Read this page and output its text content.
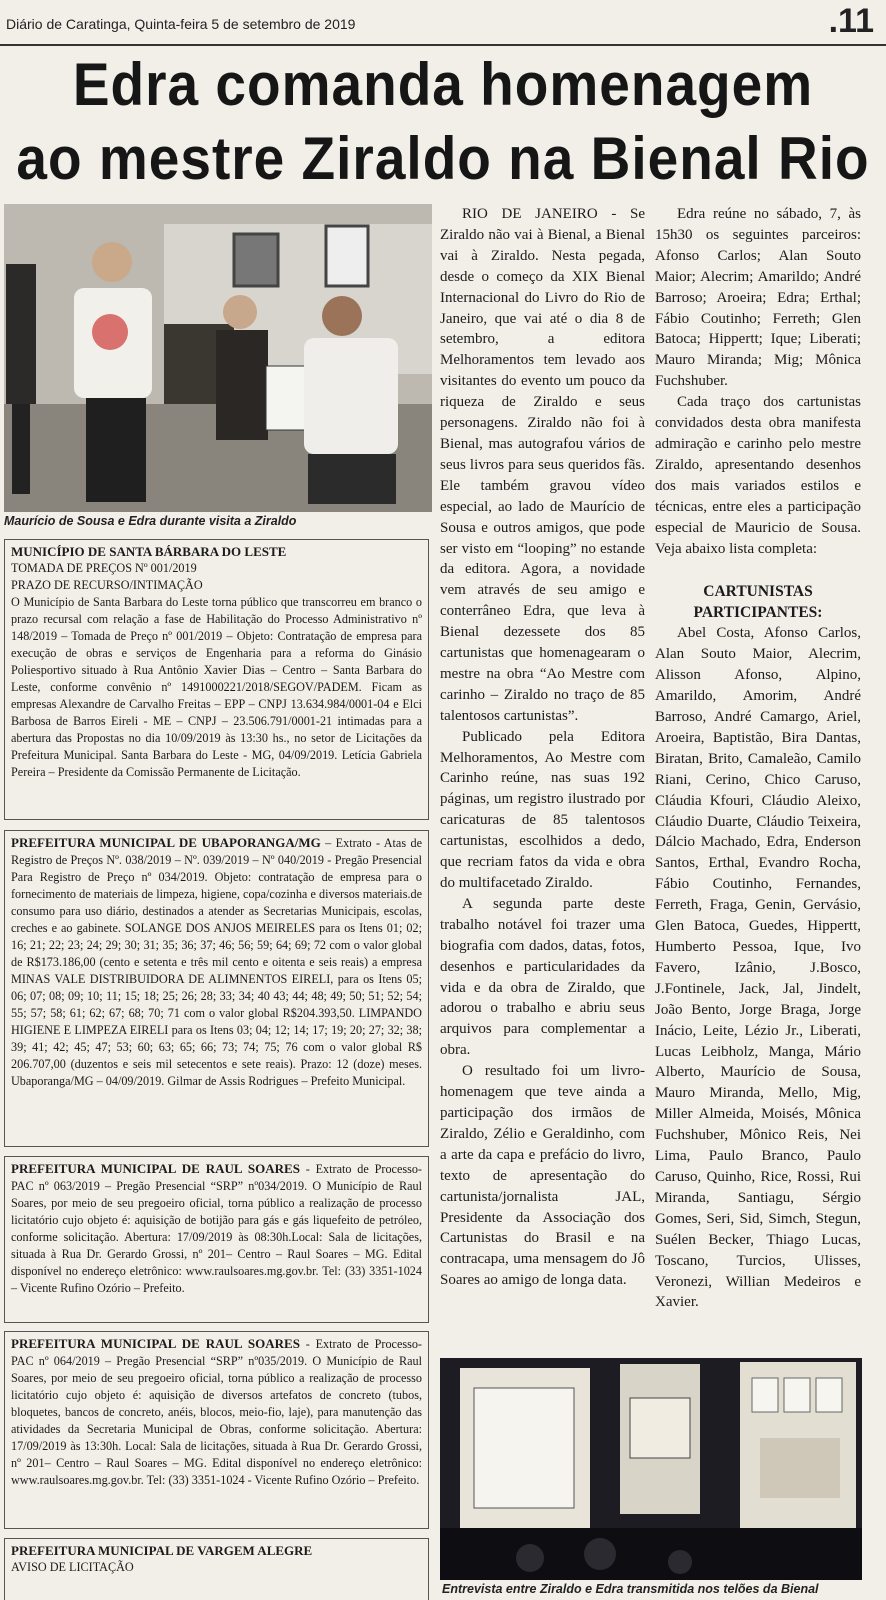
Diário de Caratinga, Quinta-feira 5 de setembro de 2019	.11
Edra comanda homenagem
ao mestre Ziraldo na Bienal Rio
Maurício de Sousa e Edra durante visita a Ziraldo

MUNICÍPIO DE SANTA BÁRBARA DO LESTE

TOMADA DE PREÇOS Nº 001/2019

PRAZO DE RECURSO/INTIMAÇÃO

O Município de Santa Barbara do Leste torna público que transcorreu em branco o prazo recursal com relação a fase de Habilitação do Processo Administrativo nº 148/2019 – Tomada de Preço nº 001/2019 – Objeto: Contratação de empresa para execução de obras e serviços de Engenharia para a reforma do Ginásio Poliesportivo situado à Rua Antônio Xavier Dias – Centro – Santa Barbara do Leste, conforme convênio nº 1491000221/2018/SEGOV/PADEM. Ficam as empresas Alexandre de Carvalho Freitas – EPP – CNPJ 13.634.984/0001-04 e Elci Barbosa de Barros Eireli - ME – CNPJ – 23.506.791/0001-21 intimadas para a abertura das Propostas no dia 10/09/2019 às 13:30 hs., no setor de Licitações da Prefeitura Municipal. Santa Barbara do Leste - MG, 04/09/2019. Letícia Gabriela Pereira – Presidente da Comissão Permanente de Licitação.

PREFEITURA MUNICIPAL DE UBAPORANGA/MG – Extrato - Atas de Registro de Preços Nº. 038/2019 – Nº. 039/2019 – Nº 040/2019 - Pregão Presencial Para Registro de Preço nº 034/2019. Objeto: contratação de empresa para o fornecimento de materiais de limpeza, higiene, copa/cozinha e diversos materiais.de consumo para uso diário, destinados a atender as Secretarias Municipais, escolas, creches e ao gabinete. SOLANGE DOS ANJOS MEIRELES para os Itens 01; 02; 16; 21; 22; 23; 24; 29; 30; 31; 35; 36; 37; 46; 56; 59; 64; 69; 72 com o valor global de R$173.186,00 (cento e setenta e três mil cento e oitenta e seis reais) a empresa MINAS VALE DISTRIBUIDORA DE ALIMNENTOS EIRELI, para os Itens 05; 06; 07; 08; 09; 10; 11; 15; 18; 25; 26; 28; 33; 34; 40 43; 44; 48; 49; 50; 51; 52; 54; 55; 57; 58; 61; 62; 67; 68; 70; 71 com o valor global R$204.393,50. LIMPANDO HIGIENE E LIMPEZA EIRELI para os Itens 03; 04; 12; 14; 17; 19; 20; 27; 32; 38; 39; 41; 42; 45; 47; 53; 60; 63; 65; 66; 73; 74; 75; 76 com o valor global R$ 206.707,00 (duzentos e seis mil setecentos e sete reais). Prazo: 12 (doze) meses. Ubaporanga/MG – 04/09/2019. Gilmar de Assis Rodrigues – Prefeito Municipal.

PREFEITURA MUNICIPAL DE RAUL SOARES - Extrato de Processo-PAC nº 063/2019 – Pregão Presencial “SRP” nº034/2019. O Município de Raul Soares, por meio de seu pregoeiro oficial, torna público a realização de processo licitatório cujo objeto é: aquisição de botijão para gás e gás liquefeito de petróleo, conforme solicitação. Abertura: 17/09/2019 às 08:30h.Local: Sala de licitações, situada à Rua Dr. Gerardo Grossi, nº 201– Centro – Raul Soares – MG. Edital disponível no endereço eletrônico: www.raulsoares.mg.gov.br. Tel: (33) 3351-1024 – Vicente Rufino Ozório – Prefeito.

PREFEITURA MUNICIPAL DE RAUL SOARES - Extrato de Processo-PAC nº 064/2019 – Pregão Presencial “SRP” nº035/2019. O Município de Raul Soares, por meio de seu pregoeiro oficial, torna público a realização de processo licitatório cujo objeto é: aquisição de diversos artefatos de concreto (tubos, bloquetes, bancos de concreto, anéis, blocos, meio-fio, laje), para manutenção das atividades da Secretaria Municipal de Obras, conforme solicitação. Abertura: 17/09/2019 às 13:30h. Local: Sala de licitações, situada à Rua Dr. Gerardo Grossi, nº 201– Centro – Raul Soares – MG. Edital disponível no endereço eletrônico: www.raulsoares.mg.gov.br. Tel: (33) 3351-1024 - Vicente Rufino Ozório – Prefeito.

PREFEITURA MUNICIPAL DE VARGEM ALEGRE

AVISO DE LICITAÇÃO

RIO DE JANEIRO - Se Ziraldo não vai à Bienal, a Bienal vai à Ziraldo. Nesta pegada, desde o começo da XIX Bienal Internacional do Livro do Rio de Janeiro, que vai até o dia 8 de setembro, a editora Melhoramentos tem levado aos visitantes do evento um pouco da riqueza de Ziraldo e seus personagens. Ziraldo não foi à Bienal, mas autografou vários de seus livros para seus queridos fãs. Ele também gravou vídeo especial, ao lado de Maurício de Sousa e outros amigos, que pode ser visto em “looping” no estande da editora. Agora, a novidade vem através de seu amigo e conterrâneo Edra, que leva à Bienal dezessete dos 85 cartunistas que homenagearam o mestre na obra “Ao Mestre com carinho – Ziraldo no traço de 85 talentosos cartunistas”.

Publicado pela Editora Melhoramentos, Ao Mestre com Carinho reúne, nas suas 192 páginas, um registro ilustrado por caricaturas de 85 talentosos cartunistas, escolhidos a dedo, que recriam fatos da vida e obra do multifacetado Ziraldo.

A segunda parte deste trabalho notável foi trazer uma biografia com dados, datas, fotos, desenhos e particularidades da vida e da obra de Ziraldo, que adorou o trabalho e abriu seus arquivos para complementar a obra.

O resultado foi um livro-homenagem que teve ainda a participação dos irmãos de Ziraldo, Zélio e Geraldinho, com a arte da capa e prefácio do livro, texto de apresentação do cartunista/jornalista JAL, Presidente da Associação dos Cartunistas do Brasil e na contracapa, uma mensagem do Jô Soares ao amigo de longa data.

Edra reúne no sábado, 7, às 15h30 os seguintes parceiros: Afonso Carlos; Alan Souto Maior; Alecrim; Amarildo; André Barroso; Aroeira; Edra; Erthal; Fábio Coutinho; Ferreth; Glen Batoca; Hippertt; Ique; Liberati; Mauro Miranda; Mig; Mônica Fuchshuber.

Cada traço dos cartunistas convidados desta obra manifesta admiração e carinho pelo mestre Ziraldo, apresentando desenhos dos mais variados estilos e técnicas, entre eles a participação especial de Mauricio de Sousa. Veja abaixo lista completa:

CARTUNISTAS PARTICIPANTES:

Abel Costa, Afonso Carlos, Alan Souto Maior, Alecrim, Alisson Afonso, Alpino, Amarildo, Amorim, André Barroso, André Camargo, Ariel, Aroeira, Baptistão, Bira Dantas, Biratan, Brito, Camaleão, Camilo Riani, Cerino, Chico Caruso, Cláudia Kfouri, Cláudio Aleixo, Cláudio Duarte, Cláudio Teixeira, Dálcio Machado, Edra, Enderson Santos, Erthal, Evandro Rocha, Fábio Coutinho, Fernandes, Ferreth, Fraga, Genin, Gervásio, Glen Batoca, Guedes, Hippertt, Humberto Pessoa, Ique, Ivo Favero, Izânio, J.Bosco, J.Fontinele, Jack, Jal, Jindelt, João Bento, Jorge Braga, Jorge Inácio, Leite, Lézio Jr., Liberati, Lucas Leibholz, Manga, Mário Alberto, Maurício de Sousa, Mauro Miranda, Mello, Mig, Miller Almeida, Moisés, Mônica Fuchshuber, Mônico Reis, Nei Lima, Paulo Branco, Paulo Caruso, Quinho, Rice, Rossi, Rui Miranda, Santiagu, Sérgio Gomes, Seri, Sid, Simch, Stegun, Suélen Becker, Thiago Lucas, Toscano, Turcios, Ulisses, Veronezi, Willian Medeiros e Xavier.

Entrevista entre Ziraldo e Edra transmitida nos telões da Bienal
